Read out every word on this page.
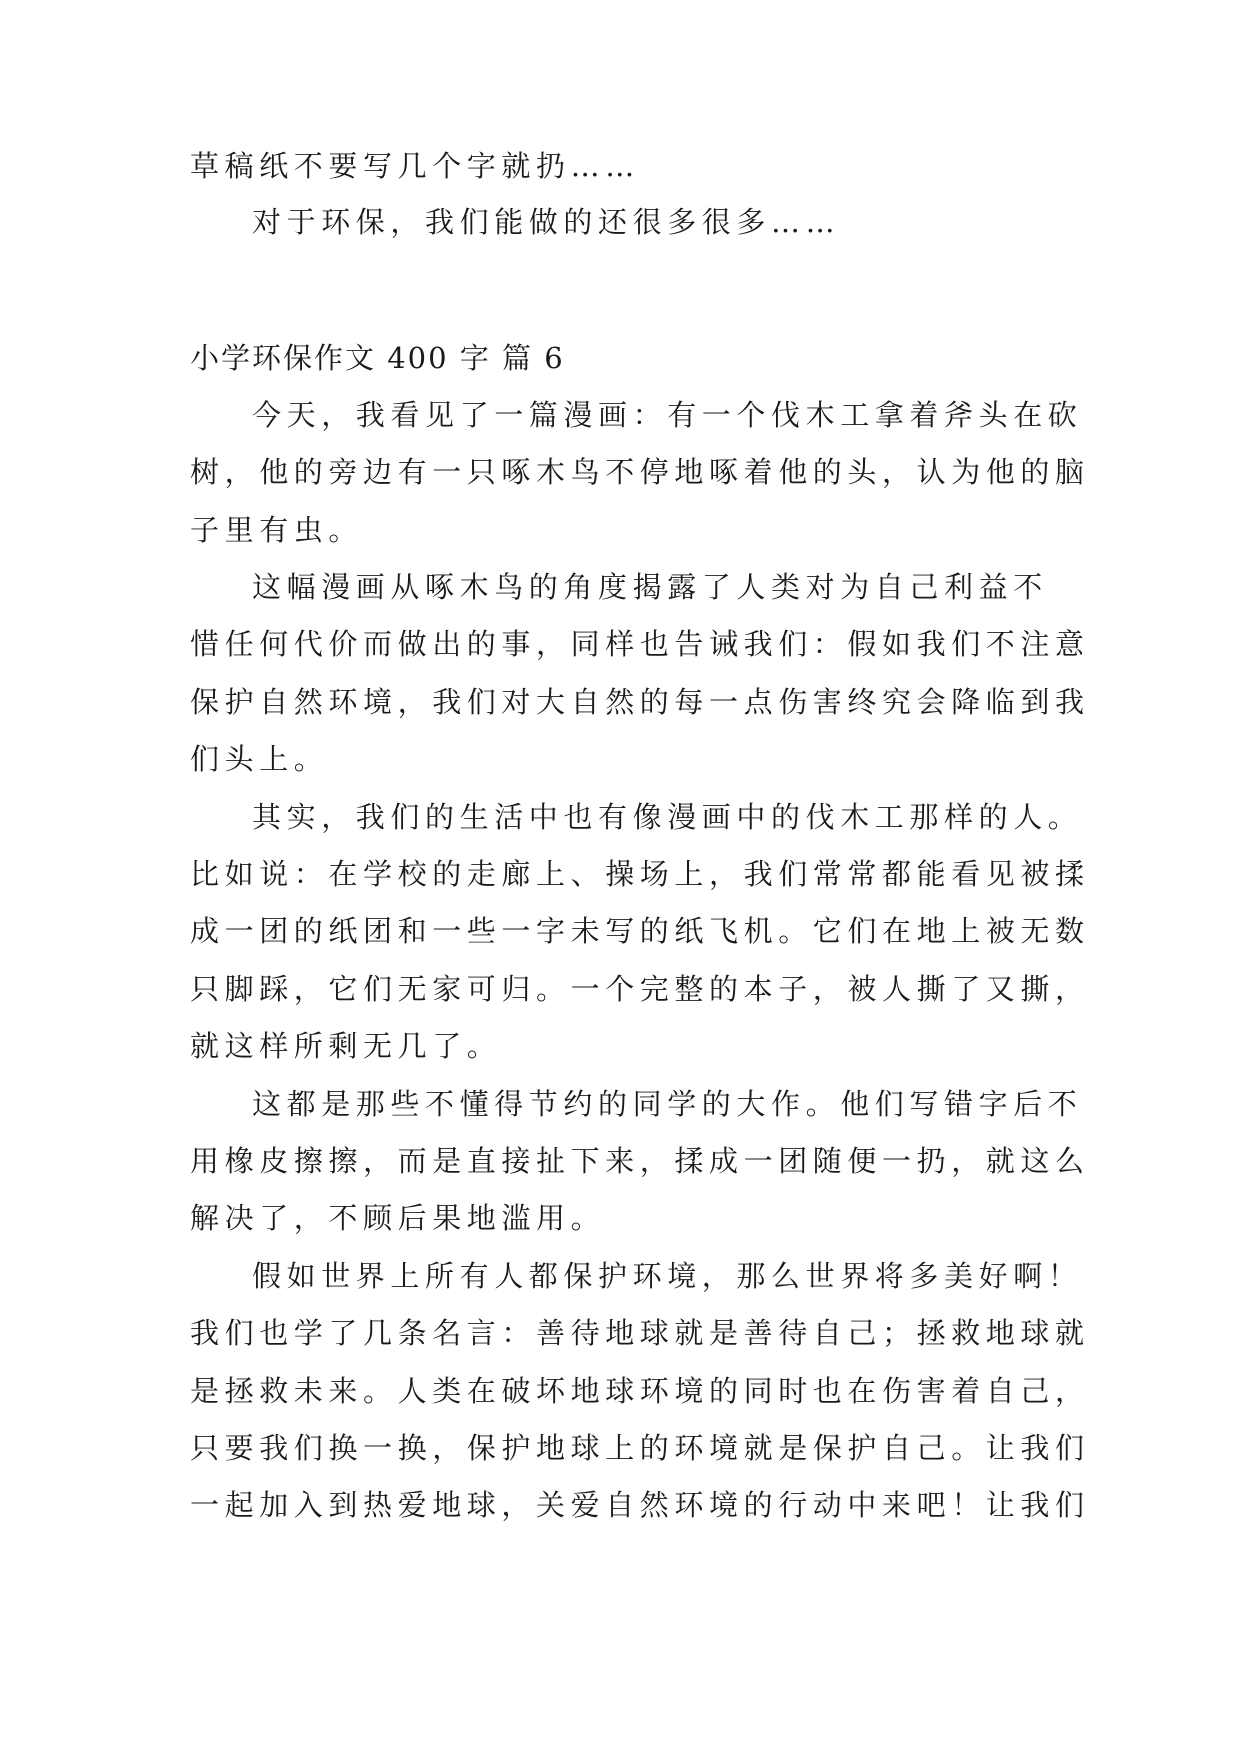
草稿纸不要写几个字就扔……
对于环保，我们能做的还很多很多……
小学环保作文 400 字 篇 6
今天，我看见了一篇漫画：有一个伐木工拿着斧头在砍
树，他的旁边有一只啄木鸟不停地啄着他的头，认为他的脑
子里有虫。
这幅漫画从啄木鸟的角度揭露了人类对为自己利益不
惜任何代价而做出的事，同样也告诫我们：假如我们不注意
保护自然环境，我们对大自然的每一点伤害终究会降临到我
们头上。
其实，我们的生活中也有像漫画中的伐木工那样的人。
比如说：在学校的走廊上、操场上，我们常常都能看见被揉
成一团的纸团和一些一字未写的纸飞机。它们在地上被无数
只脚踩，它们无家可归。一个完整的本子，被人撕了又撕，
就这样所剩无几了。
这都是那些不懂得节约的同学的大作。他们写错字后不
用橡皮擦擦，而是直接扯下来，揉成一团随便一扔，就这么
解决了，不顾后果地滥用。
假如世界上所有人都保护环境，那么世界将多美好啊！
我们也学了几条名言：善待地球就是善待自己；拯救地球就
是拯救未来。人类在破坏地球环境的同时也在伤害着自己，
只要我们换一换，保护地球上的环境就是保护自己。让我们
一起加入到热爱地球，关爱自然环境的行动中来吧！让我们
